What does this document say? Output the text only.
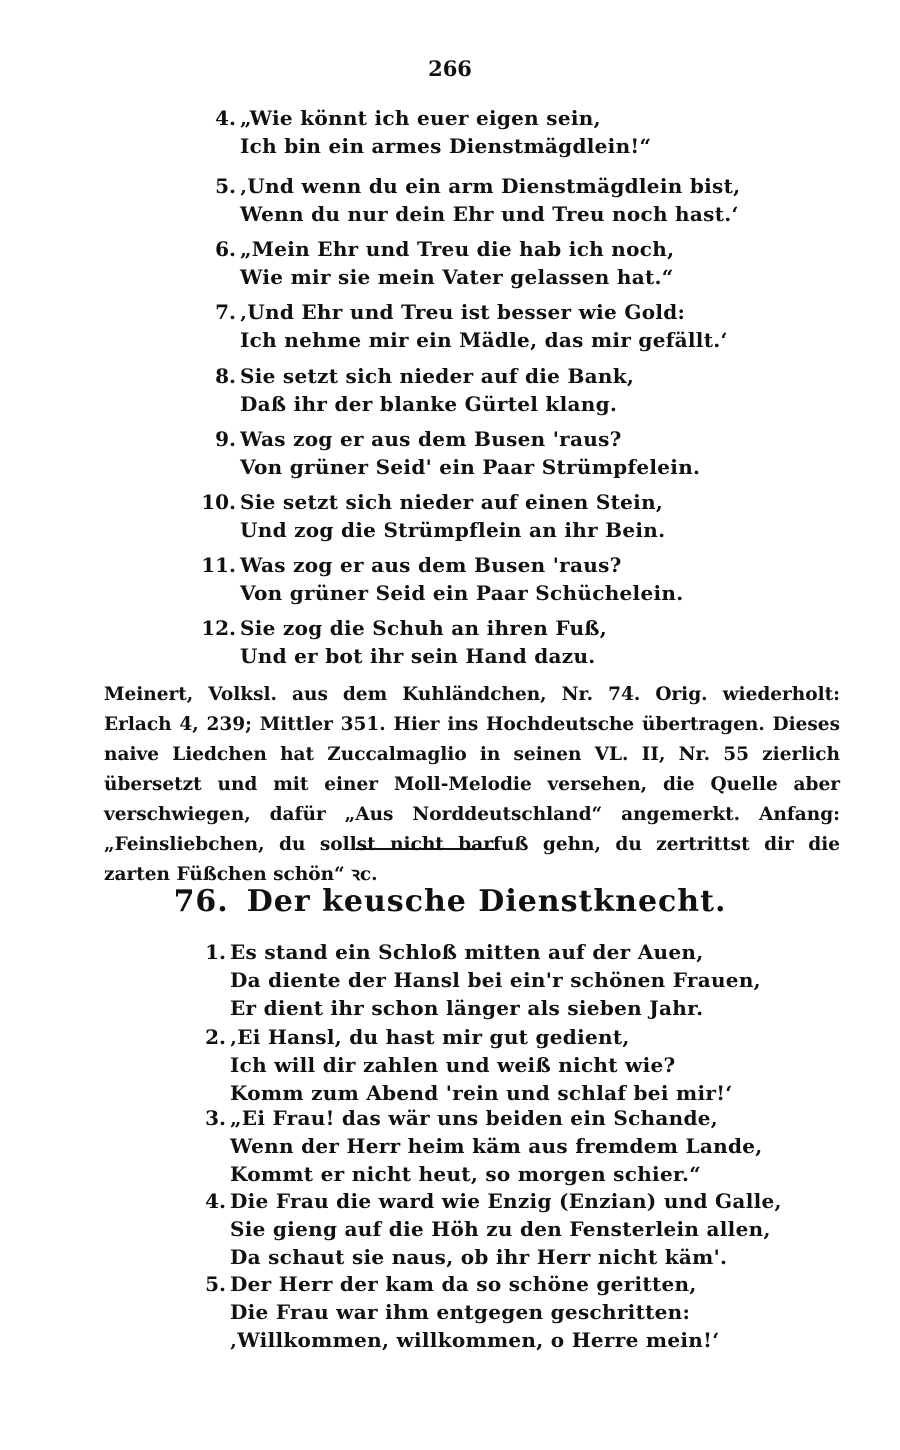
266
4. „Wie könnt ich euer eigen sein,
Ich bin ein armes Dienstmägdlein!“
5. ‚Und wenn du ein arm Dienstmägdlein bist,
Wenn du nur dein Ehr und Treu noch hast.‘
6. „Mein Ehr und Treu die hab ich noch,
Wie mir sie mein Vater gelassen hat.“
7. ‚Und Ehr und Treu ist besser wie Gold:
Ich nehme mir ein Mädle, das mir gefällt.‘
8. Sie setzt sich nieder auf die Bank,
Daß ihr der blanke Gürtel klang.
9. Was zog er aus dem Busen 'raus?
Von grüner Seid' ein Paar Strümpfelein.
10. Sie setzt sich nieder auf einen Stein,
Und zog die Strümpflein an ihr Bein.
11. Was zog er aus dem Busen 'raus?
Von grüner Seid ein Paar Schüchelein.
12. Sie zog die Schuh an ihren Fuß,
Und er bot ihr sein Hand dazu.
Meinert, Volksl. aus dem Kuhländchen, Nr. 74. Orig. wiederholt: Erlach 4, 239; Mittler 351. Hier ins Hochdeutsche übertragen. Dieses naive Liedchen hat Zuccalmaglio in seinen VL. II, Nr. 55 zierlich übersetzt und mit einer Moll-Melodie versehen, die Quelle aber verschwiegen, dafür „Aus Norddeutschland“ angemerkt. Anfang: „Feinsliebchen, du sollst nicht barfuß gehn, du zertrittst dir die zarten Füßchen schön“ ꝛc.
76. Der keusche Dienstknecht.
1. Es stand ein Schloß mitten auf der Auen,
Da diente der Hansl bei ein'r schönen Frauen,
Er dient ihr schon länger als sieben Jahr.
2. ‚Ei Hansl, du hast mir gut gedient,
Ich will dir zahlen und weiß nicht wie?
Komm zum Abend 'rein und schlaf bei mir!‘
3. „Ei Frau! das wär uns beiden ein Schande,
Wenn der Herr heim käm aus fremdem Lande,
Kommt er nicht heut, so morgen schier.“
4. Die Frau die ward wie Enzig (Enzian) und Galle,
Sie gieng auf die Höh zu den Fensterlein allen,
Da schaut sie naus, ob ihr Herr nicht käm'.
5. Der Herr der kam da so schöne geritten,
Die Frau war ihm entgegen geschritten:
‚Willkommen, willkommen, o Herre mein!‘
